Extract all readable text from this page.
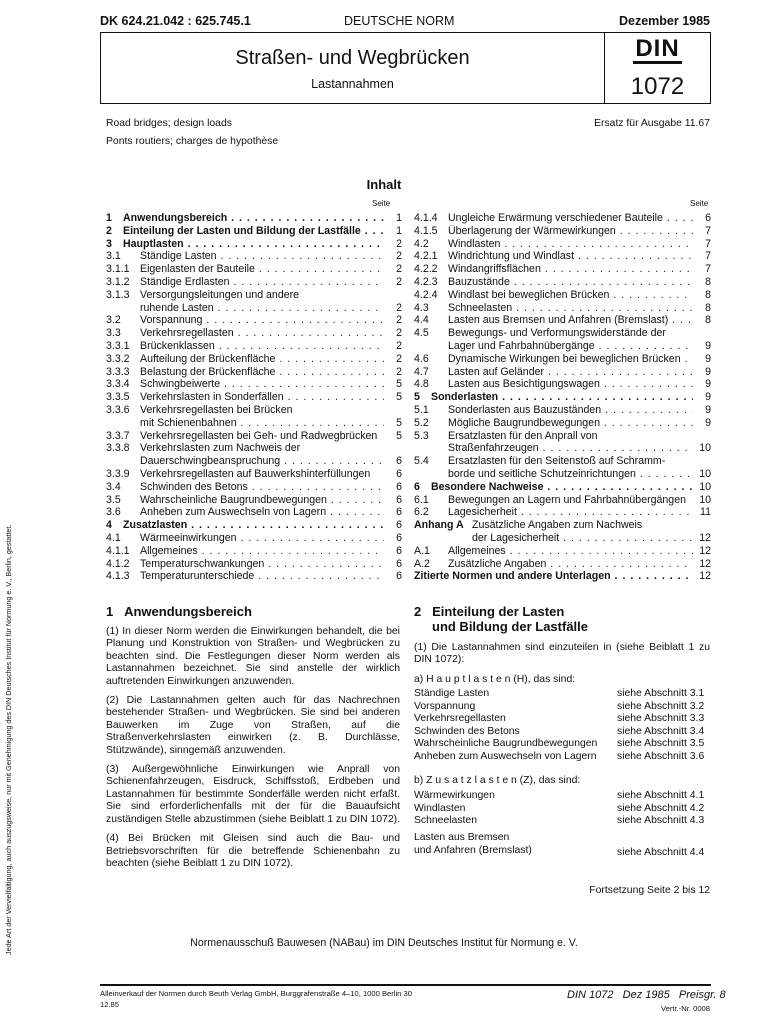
DK 624.21.042 : 625.745.1	DEUTSCHE NORM	Dezember 1985
Straßen- und Wegbrücken
Lastannahmen
DIN
1072
Road bridges; design loads
Ponts routiers; charges de hypothèse
Ersatz für Ausgabe 11.67
Inhalt
Seite	Seite
1 Anwendungsbereich . . .	1
2 Einteilung der Lasten und Bildung der Lastfälle . . .	1
3 Hauptlasten . . .	2
3.1 Ständige Lasten . . .	2
3.1.1 Eigenlasten der Bauteile . . .	2
3.1.2 Ständige Erdlasten . . .	2
3.1.3 Versorgungsleitungen und andere
ruhende Lasten . . .	2
3.2 Vorspannung . . .	2
3.3 Verkehrsregellasten . . .	2
3.3.1 Brückenklassen . . .	2
3.3.2 Aufteilung der Brückenfläche . . .	2
3.3.3 Belastung der Brückenfläche . . .	2
3.3.4 Schwingbeiwerte . . .	5
3.3.5 Verkehrslasten in Sonderfällen . . .	5
3.3.6 Verkehrsregellasten bei Brücken
mit Schienenbahnen . . .	5
3.3.7 Verkehrsregellasten bei Geh- und Radwegbrücken	5
3.3.8 Verkehrslasten zum Nachweis der
Dauerschwingbeanspruchung . . .	6
3.3.9 Verkehrsregellasten auf Bauwerkshinterfüllungen	6
3.4 Schwinden des Betons . . .	6
3.5 Wahrscheinliche Baugrundbewegungen . . .	6
3.6 Anheben zum Auswechseln von Lagern . . .	6
4 Zusatzlasten . . .	6
4.1 Wärmeeinwirkungen . . .	6
4.1.1 Allgemeines . . .	6
4.1.2 Temperaturschwankungen . . .	6
4.1.3 Temperaturunterschiede . . .	6
4.1.4 Ungleiche Erwärmung verschiedener Bauteile . . .	6
4.1.5 Überlagerung der Wärmewirkungen . . .	7
4.2 Windlasten . . .	7
4.2.1 Windrichtung und Windlast . . .	7
4.2.2 Windangriffsflächen . . .	7
4.2.3 Bauzustände . . .	8
4.2.4 Windlast bei beweglichen Brücken . . .	8
4.3 Schneelasten . . .	8
4.4 Lasten aus Bremsen und Anfahren (Bremslast) . . .	8
4.5 Bewegungs- und Verformungswiderstände der
Lager und Fahrbahnübergänge . . .	9
4.6 Dynamische Wirkungen bei beweglichen Brücken . . .	9
4.7 Lasten auf Geländer . . .	9
4.8 Lasten aus Besichtigungswagen . . .	9
5 Sonderlasten . . .	9
5.1 Sonderlasten aus Bauzuständen . . .	9
5.2 Mögliche Baugrundbewegungen . . .	9
5.3 Ersatzlasten für den Anprall von
Straßenfahrzeugen . . .	10
5.4 Ersatzlasten für den Seitenstoß auf Schramm-
borde und seitliche Schutzeinrichtungen . . .	10
6 Besondere Nachweise . . .	10
6.1 Bewegungen an Lagern und Fahrbahnübergängen	10
6.2 Lagesicherheit . . .	11
Anhang A Zusätzliche Angaben zum Nachweis
der Lagesicherheit . . .	12
A.1 Allgemeines . . .	12
A.2 Zusätzliche Angaben . . .	12
Zitierte Normen und andere Unterlagen . . .	12
1 Anwendungsbereich

(1) In dieser Norm werden die Einwirkungen behandelt, die bei Planung und Konstruktion von Straßen- und Wegbrücken zu beachten sind. Die Festlegungen dieser Norm werden als Lastannahmen bezeichnet. Sie sind anstelle der wirklich auftretenden Einwirkungen anzuwenden.

(2) Die Lastannahmen gelten auch für das Nachrechnen bestehender Straßen- und Wegbrücken. Sie sind bei anderen Bauwerken im Zuge von Straßen, auf die Straßenverkehrslasten einwirken (z. B. Durchlässe, Stützwände), sinngemäß anzuwenden.

(3) Außergewöhnliche Einwirkungen wie Anprall von Schienenfahrzeugen, Eisdruck, Schiffsstoß, Erdbeben und Lastannahmen für bestimmte Sonderfälle werden nicht erfaßt. Sie sind erforderlichenfalls mit der für die Bauaufsicht zuständigen Stelle abzustimmen (siehe Beiblatt 1 zu DIN 1072).

(4) Bei Brücken mit Gleisen sind auch die Bau- und Betriebsvorschriften für die betreffende Schienenbahn zu beachten (siehe Beiblatt 1 zu DIN 1072).

2 Einteilung der Lasten
und Bildung der Lastfälle
(1) Die Lastannahmen sind einzuteilen in (siehe Beiblatt 1 zu DIN 1072):
a) H a u p t l a s t e n (H), das sind:
Ständige Lasten	siehe Abschnitt 3.1
Vorspannung	siehe Abschnitt 3.2
Verkehrsregellasten	siehe Abschnitt 3.3
Schwinden des Betons	siehe Abschnitt 3.4
Wahrscheinliche Baugrundbewegungen siehe Abschnitt 3.5
Anheben zum Auswechseln von Lagern siehe Abschnitt 3.6
b) Z u s a t z l a s t e n (Z), das sind:
Wärmewirkungen	siehe Abschnitt 4.1
Windlasten	siehe Abschnitt 4.2
Schneelasten	siehe Abschnitt 4.3
Lasten aus Bremsen
und Anfahren (Bremslast)	siehe Abschnitt 4.4
Fortsetzung Seite 2 bis 12
Normenausschuß Bauwesen (NABau) im DIN Deutsches Institut für Normung e. V.
Jede Art der Vervielfältigung, auch auszugsweise, nur mit Genehmigung des DIN Deutsches Institut für Normung e. V., Berlin, gestattet.
Alleinverkauf der Normen durch Beuth Verlag GmbH, Burggrafenstraße 4–10, 1000 Berlin 30
12.85
DIN 1072 Dez 1985 Preisgr. 8
Vertr.-Nr. 0008
